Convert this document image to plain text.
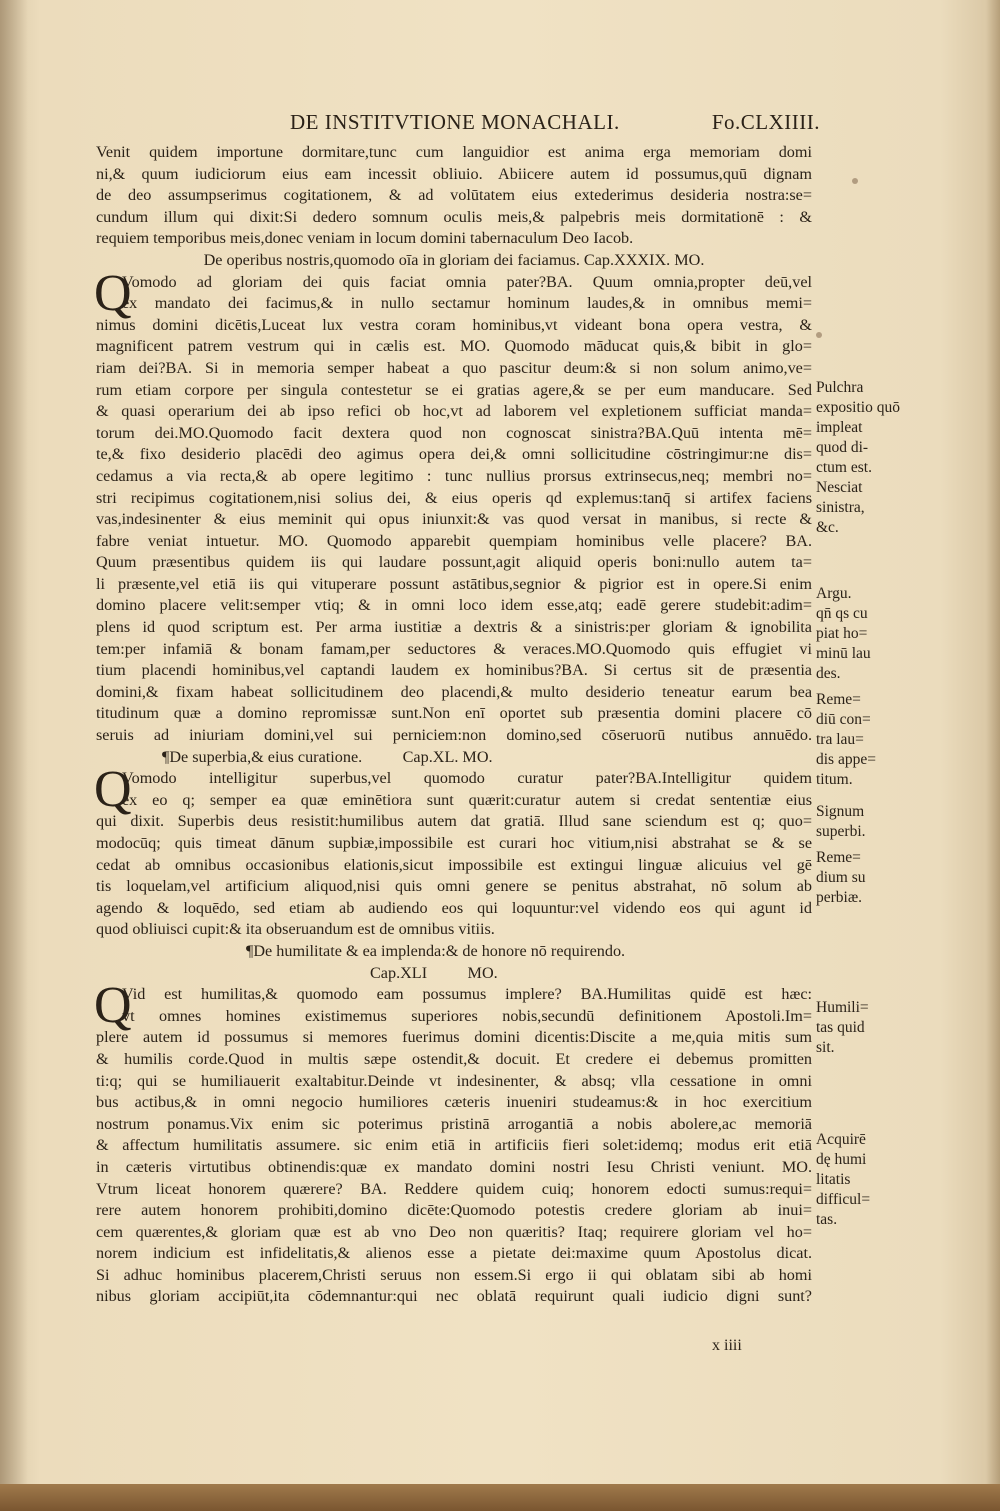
DE INSTITVTIONE MONACHALI.	Fo.CLXIIII.
Venit quidem importune dormitare,tunc cum languidior est anima erga memoriam domi
ni,& quum iudiciorum eius eam incessit obliuio. Abiicere autem id possumus,quū dignam
de deo assumpserimus cogitationem, & ad volūtatem eius extederimus desideria nostra:se=
cundum illum qui dixit:Si dedero somnum oculis meis,& palpebris meis dormitationē : &
requiem temporibus meis,donec veniam in locum domini tabernaculum Deo Iacob.
De operibus nostris,quomodo oīa in gloriam dei faciamus. Cap.XXXIX. MO.
Q
Vomodo ad gloriam dei quis faciat omnia pater?BA. Quum omnia,propter deū,vel
ex mandato dei facimus,& in nullo sectamur hominum laudes,& in omnibus memi=
nimus domini dicētis,Luceat lux vestra coram hominibus,vt videant bona opera vestra, &
magnificent patrem vestrum qui in cælis est. MO. Quomodo māducat quis,& bibit in glo=
riam dei?BA. Si in memoria semper habeat a quo pascitur deum:& si non solum animo,ve=
rum etiam corpore per singula contestetur se ei gratias agere,& se per eum manducare. Sed
& quasi operarium dei ab ipso refici ob hoc,vt ad laborem vel expletionem sufficiat manda=
torum dei.MO.Quomodo facit dextera quod non cognoscat sinistra?BA.Quū intenta mē=
te,& fixo desiderio placēdi deo agimus opera dei,& omni sollicitudine cōstringimur:ne dis=
cedamus a via recta,& ab opere legitimo : tunc nullius prorsus extrinsecus,neq; membri no=
stri recipimus cogitationem,nisi solius dei, & eius operis qd explemus:tanq̄ si artifex faciens
vas,indesinenter & eius meminit qui opus iniunxit:& vas quod versat in manibus, si recte &
fabre veniat intuetur. MO. Quomodo apparebit quempiam hominibus velle placere? BA.
Quum præsentibus quidem iis qui laudare possunt,agit aliquid operis boni:nullo autem ta=
li præsente,vel etiā iis qui vituperare possunt astātibus,segnior & pigrior est in opere.Si enim
domino placere velit:semper vtiq; & in omni loco idem esse,atq; eadē gerere studebit:adim=
plens id quod scriptum est. Per arma iustitiæ a dextris & a sinistris:per gloriam & ignobilita
tem:per infamiā & bonam famam,per seductores & veraces.MO.Quomodo quis effugiet vi
tium placendi hominibus,vel captandi laudem ex hominibus?BA. Si certus sit de præsentia
domini,& fixam habeat sollicitudinem deo placendi,& multo desiderio teneatur earum bea
titudinum quæ a domino repromissæ sunt.Non enī oportet sub præsentia domini placere cō
seruis ad iniuriam domini,vel sui perniciem:non domino,sed cōseruorū nutibus annuēdo.
¶De superbia,& eius curatione.          Cap.XL. MO.
Q
Vomodo intelligitur superbus,vel quomodo curatur pater?BA.Intelligitur quidem
ex eo q; semper ea quæ eminētiora sunt quærit:curatur autem si credat sententiæ eius
qui dixit. Superbis deus resistit:humilibus autem dat gratiā. Illud sane sciendum est q; quo=
modocūq; quis timeat dānum supbiæ,impossibile est curari hoc vitium,nisi abstrahat se & se
cedat ab omnibus occasionibus elationis,sicut impossibile est extingui linguæ alicuius vel gē
tis loquelam,vel artificium aliquod,nisi quis omni genere se penitus abstrahat, nō solum ab
agendo & loquēdo, sed etiam ab audiendo eos qui loquuntur:vel videndo eos qui agunt id
quod obliuisci cupit:& ita obseruandum est de omnibus vitiis.
¶De humilitate & ea implenda:& de honore nō requirendo.
Cap.XLI          MO.
Q
Vid est humilitas,& quomodo eam possumus implere? BA.Humilitas quidē est hæc:
vt omnes homines existimemus superiores nobis,secundū definitionem Apostoli.Im=
plere autem id possumus si memores fuerimus domini dicentis:Discite a me,quia mitis sum
& humilis corde.Quod in multis sæpe ostendit,& docuit. Et credere ei debemus promitten
ti:q; qui se humiliauerit exaltabitur.Deinde vt indesinenter, & absq; vlla cessatione in omni
bus actibus,& in omni negocio humiliores cæteris inueniri studeamus:& in hoc exercitium
nostrum ponamus.Vix enim sic poterimus pristinā arrogantiā a nobis abolere,ac memoriā
& affectum humilitatis assumere. sic enim etiā in artificiis fieri solet:idemq; modus erit etiā
in cæteris virtutibus obtinendis:quæ ex mandato domini nostri Iesu Christi veniunt. MO.
Vtrum liceat honorem quærere? BA. Reddere quidem cuiq; honorem edocti sumus:requi=
rere autem honorem prohibiti,domino dicēte:Quomodo potestis credere gloriam ab inui=
cem quærentes,& gloriam quæ est ab vno Deo non quæritis? Itaq; requirere gloriam vel ho=
norem indicium est infidelitatis,& alienos esse a pietate dei:maxime quum Apostolus dicat.
Si adhuc hominibus placerem,Christi seruus non essem.Si ergo ii qui oblatam sibi ab homi
nibus gloriam accipiūt,ita cōdemnantur:qui nec oblatā requirunt quali iudicio digni sunt?
Pulchra
expositio quō
impleat
quod di-
ctum est.
Nesciat
sinistra,
&c.
Argu.
qn̄ qs cu
piat ho=
minū lau
des.
Reme=
diū con=
tra lau=
dis appe=
titum.
Signum
superbi.
Reme=
dium su
perbiæ.
Humili=
tas quid
sit.
Acquirē
dę humi
litatis
difficul=
tas.
x iiii
